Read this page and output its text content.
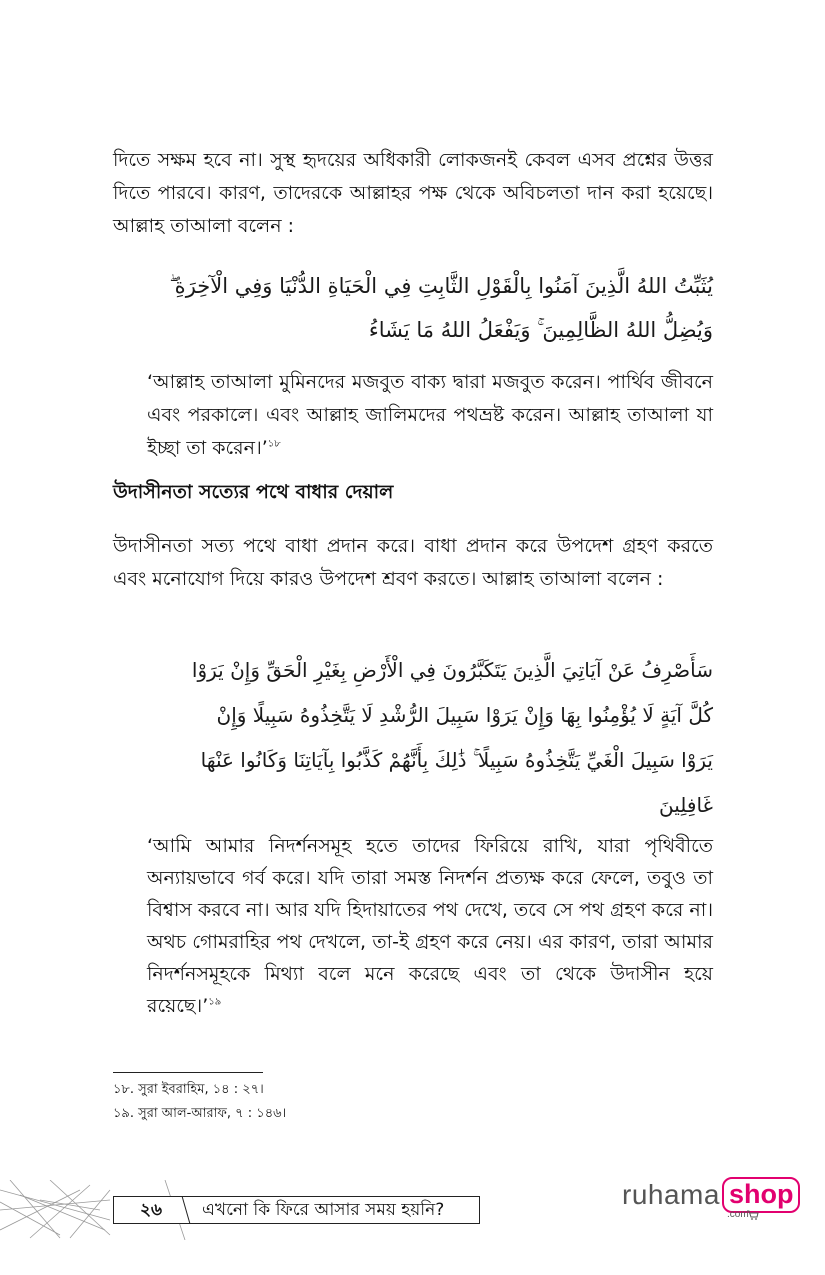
দিতে সক্ষম হবে না। সুস্থ হৃদয়ের অধিকারী লোকজনই কেবল এসব প্রশ্নের উত্তর দিতে পারবে। কারণ, তাদেরকে আল্লাহর পক্ষ থেকে অবিচলতা দান করা হয়েছে। আল্লাহ তাআলা বলেন :

يُثَبِّتُ اللهُ الَّذِينَ آمَنُوا بِالْقَوْلِ الثَّابِتِ فِي الْحَيَاةِ الدُّنْيَا وَفِي الْآخِرَةِ ۖ
وَيُضِلُّ اللهُ الظَّالِمِينَ ۚ وَيَفْعَلُ اللهُ مَا يَشَاءُ

‘আল্লাহ তাআলা মুমিনদের মজবুত বাক্য দ্বারা মজবুত করেন। পার্থিব জীবনে এবং পরকালে। এবং আল্লাহ জালিমদের পথভ্রষ্ট করেন। আল্লাহ তাআলা যা ইচ্ছা তা করেন।’$^{১৮}$

উদাসীনতা সত্যের পথে বাধার দেয়াল

উদাসীনতা সত্য পথে বাধা প্রদান করে। বাধা প্রদান করে উপদেশ গ্রহণ করতে এবং মনোযোগ দিয়ে কারও উপদেশ শ্রবণ করতে। আল্লাহ তাআলা বলেন :

سَأَصْرِفُ عَنْ آيَاتِيَ الَّذِينَ يَتَكَبَّرُونَ فِي الْأَرْضِ بِغَيْرِ الْحَقِّ وَإِنْ يَرَوْا
كُلَّ آيَةٍ لَا يُؤْمِنُوا بِهَا وَإِنْ يَرَوْا سَبِيلَ الرُّشْدِ لَا يَتَّخِذُوهُ سَبِيلًا وَإِنْ
يَرَوْا سَبِيلَ الْغَيِّ يَتَّخِذُوهُ سَبِيلًا ۚ ذَٰلِكَ بِأَنَّهُمْ كَذَّبُوا بِآيَاتِنَا وَكَانُوا عَنْهَا
غَافِلِينَ

‘আমি আমার নিদর্শনসমূহ হতে তাদের ফিরিয়ে রাখি, যারা পৃথিবীতে অন্যায়ভাবে গর্ব করে। যদি তারা সমস্ত নিদর্শন প্রত্যক্ষ করে ফেলে, তবুও তা বিশ্বাস করবে না। আর যদি হিদায়াতের পথ দেখে, তবে সে পথ গ্রহণ করে না। অথচ গোমরাহির পথ দেখলে, তা-ই গ্রহণ করে নেয়। এর কারণ, তারা আমার নিদর্শনসমূহকে মিথ্যা বলে মনে করেছে এবং তা থেকে উদাসীন হয়ে রয়েছে।’$^{১৯}$

১৮. সুরা ইবরাহিম, ১৪ : ২৭।

১৯. সুরা আল-আরাফ, ৭ : ১৪৬।

২৬ এখনো কি ফিরে আসার সময় হয়নি?	ruhama shop
.com
